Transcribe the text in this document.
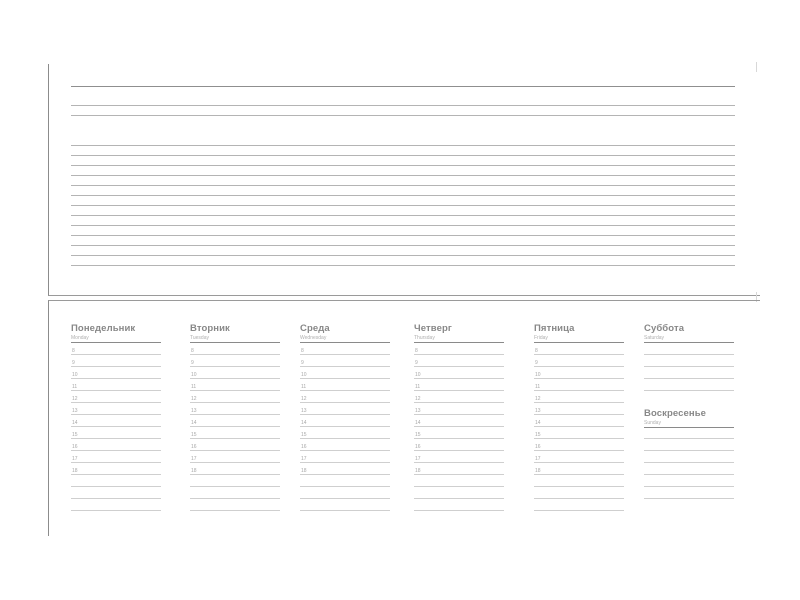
Понедельник
Monday
8
9
10
11
12
13
14
15
16
17
18
Вторник
Tuesday
8
9
10
11
12
13
14
15
16
17
18
Среда
Wednesday
8
9
10
11
12
13
14
15
16
17
18
Четверг
Thursday
8
9
10
11
12
13
14
15
16
17
18
Пятница
Friday
8
9
10
11
12
13
14
15
16
17
18
Суббота
Saturday
Воскресенье
Sunday
